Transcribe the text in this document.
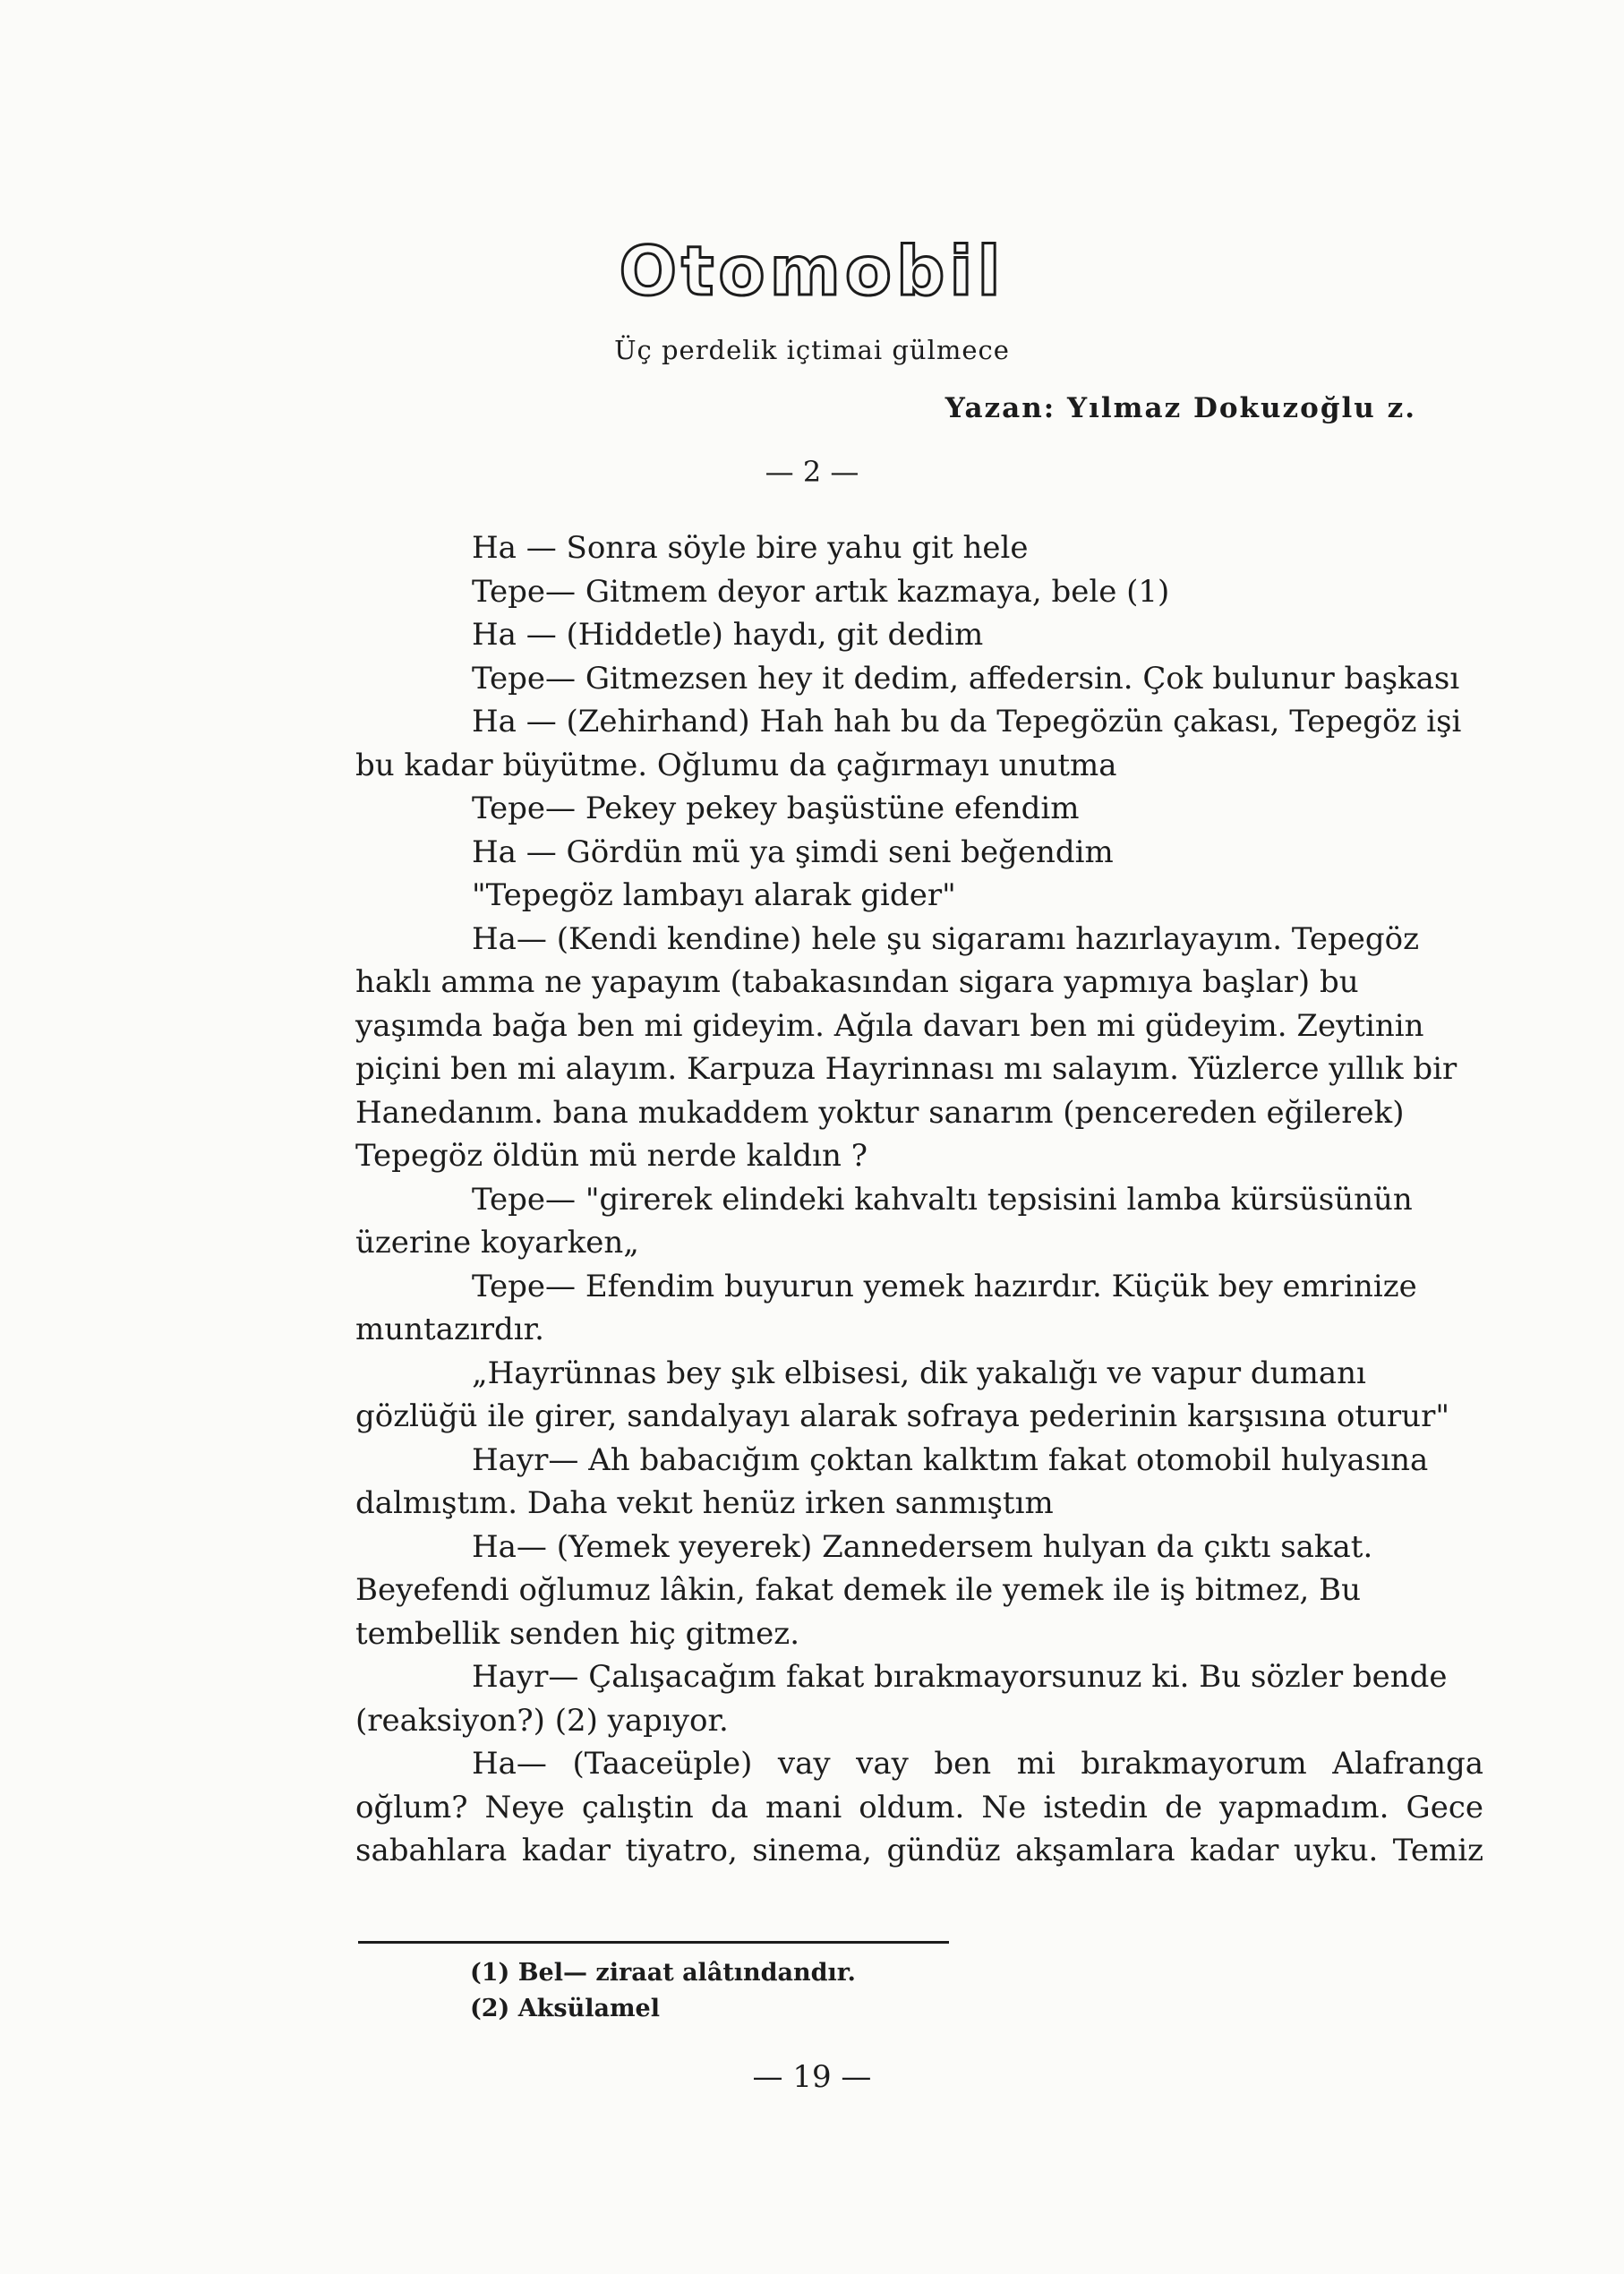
Otomobil
Üç perdelik içtimai gülmece
Yazan: Yılmaz Dokuzoğlu z.
— 2 —

Ha — Sonra söyle bire yahu git hele

Tepe— Gitmem deyor artık kazmaya, bele (1)

Ha — (Hiddetle) haydı, git dedim

Tepe— Gitmezsen hey it dedim, affedersin. Çok bulunur başkası

Ha — (Zehirhand) Hah hah bu da Tepegözün çakası, Tepegöz işi bu kadar büyütme. Oğlumu da çağırmayı unutma

Tepe— Pekey pekey başüstüne efendim

Ha — Gördün mü ya şimdi seni beğendim

"Tepegöz lambayı alarak gider"

Ha— (Kendi kendine) hele şu sigaramı hazırlayayım. Tepegöz haklı amma ne yapayım (tabakasından sigara yapmıya başlar) bu yaşımda bağa ben mi gideyim. Ağıla davarı ben mi güdeyim. Zeytinin piçini ben mi alayım. Karpuza Hayrinnası mı salayım. Yüzlerce yıllık bir Hanedanım. bana mukaddem yoktur sanarım (pencereden eğilerek) Tepegöz öldün mü nerde kaldın ?

Tepe— "girerek elindeki kahvaltı tepsisini lamba kürsüsünün üzerine koyarken„

Tepe— Efendim buyurun yemek hazırdır. Küçük bey emrinize muntazırdır.

„Hayrünnas bey şık elbisesi, dik yakalığı ve vapur dumanı gözlüğü ile girer, sandalyayı alarak sofraya pederinin karşısına oturur"

Hayr— Ah babacığım çoktan kalktım fakat otomobil hulyasına dalmıştım. Daha vekıt henüz irken sanmıştım

Ha— (Yemek yeyerek) Zannedersem hulyan da çıktı sakat. Beyefendi oğlumuz lâkin, fakat demek ile yemek ile iş bitmez, Bu tembellik senden hiç gitmez.

Hayr— Çalışacağım fakat bırakmayorsunuz ki. Bu sözler bende (reaksiyon?) (2) yapıyor.

Ha— (Taaceüple) vay vay ben mi bırakmayorum Alafranga oğlum? Neye çalıştin da mani oldum. Ne istedin de yapmadım. Gece sabahlara kadar tiyatro, sinema, gündüz akşamlara kadar uyku. Temiz

(1) Bel— ziraat alâtındandır.
(2) Aksülamel
— 19 —
